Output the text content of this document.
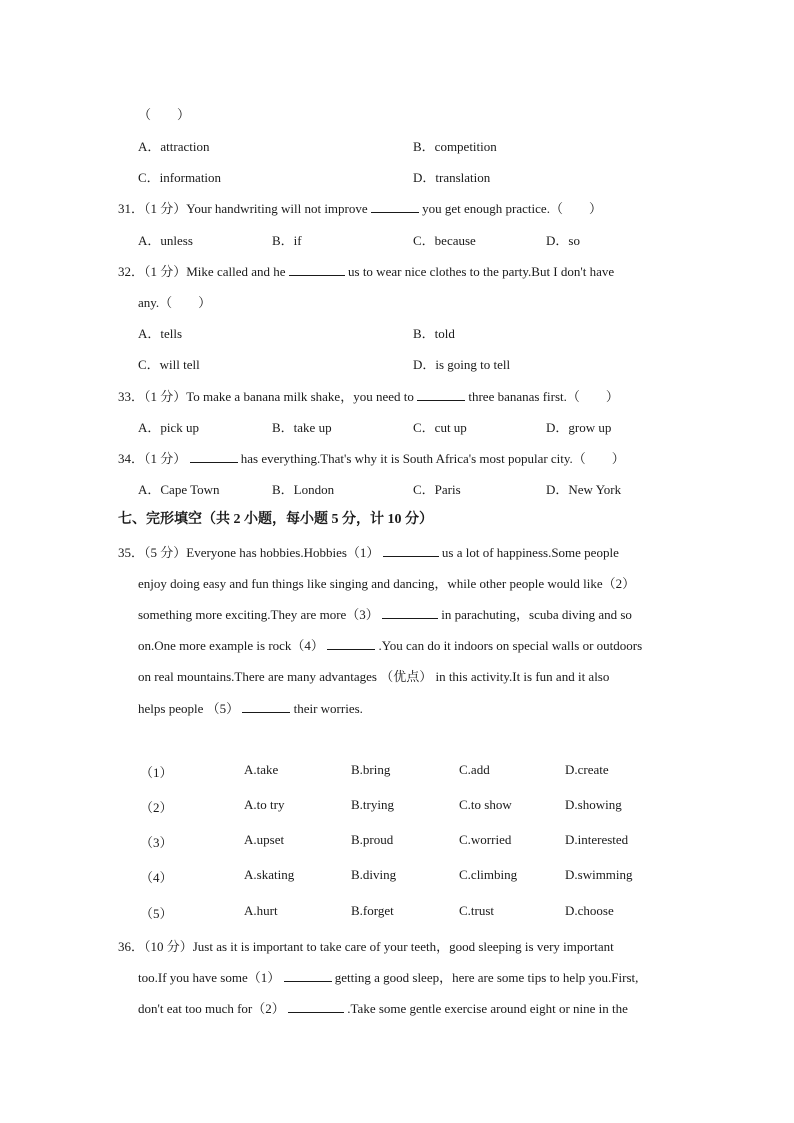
（　　）
A．attraction	B．competition
C．information	D．translation
31．（1 分）Your handwriting will not improve	you get enough practice.（　　）
A．unless	B．if	C．because	D．so
32．（1 分）Mike called and he	us to wear nice clothes to the party.But I don't have
any.（　　）
A．tells	B．told
C．will tell	D．is going to tell
33．（1 分）To make a banana milk shake，you need to	three bananas first.（　　）
A．pick up	B．take up	C．cut up	D．grow up
34．（1 分）	has everything.That's why it is South Africa's most popular city.（　　）
A．Cape Town	B．London	C．Paris	D．New York
七、完形填空（共 2 小题，每小题 5 分，计 10 分）
35．（5 分）Everyone has hobbies.Hobbies（1）	us a lot of happiness.Some people
enjoy doing easy and fun things like singing and dancing，while other people would like（2）
something more exciting.They are more（3）	in parachuting，scuba diving and so
on.One more example is rock（4）	.You can do it indoors on special walls or outdoors
on real mountains.There are many advantages （优点） in this activity.It is fun and it also
helps people （5）	their worries.
（1）	A.take	B.bring	C.add	D.create
（2）	A.to try	B.trying	C.to show	D.showing
（3）	A.upset	B.proud	C.worried	D.interested
（4）	A.skating	B.diving	C.climbing	D.swimming
（5）	A.hurt	B.forget	C.trust	D.choose
36．（10 分）Just as it is important to take care of your teeth，good sleeping is very important
too.If you have some（1）	getting a good sleep，here are some tips to help you.First,
don't eat too much for（2）	.Take some gentle exercise around eight or nine in the
